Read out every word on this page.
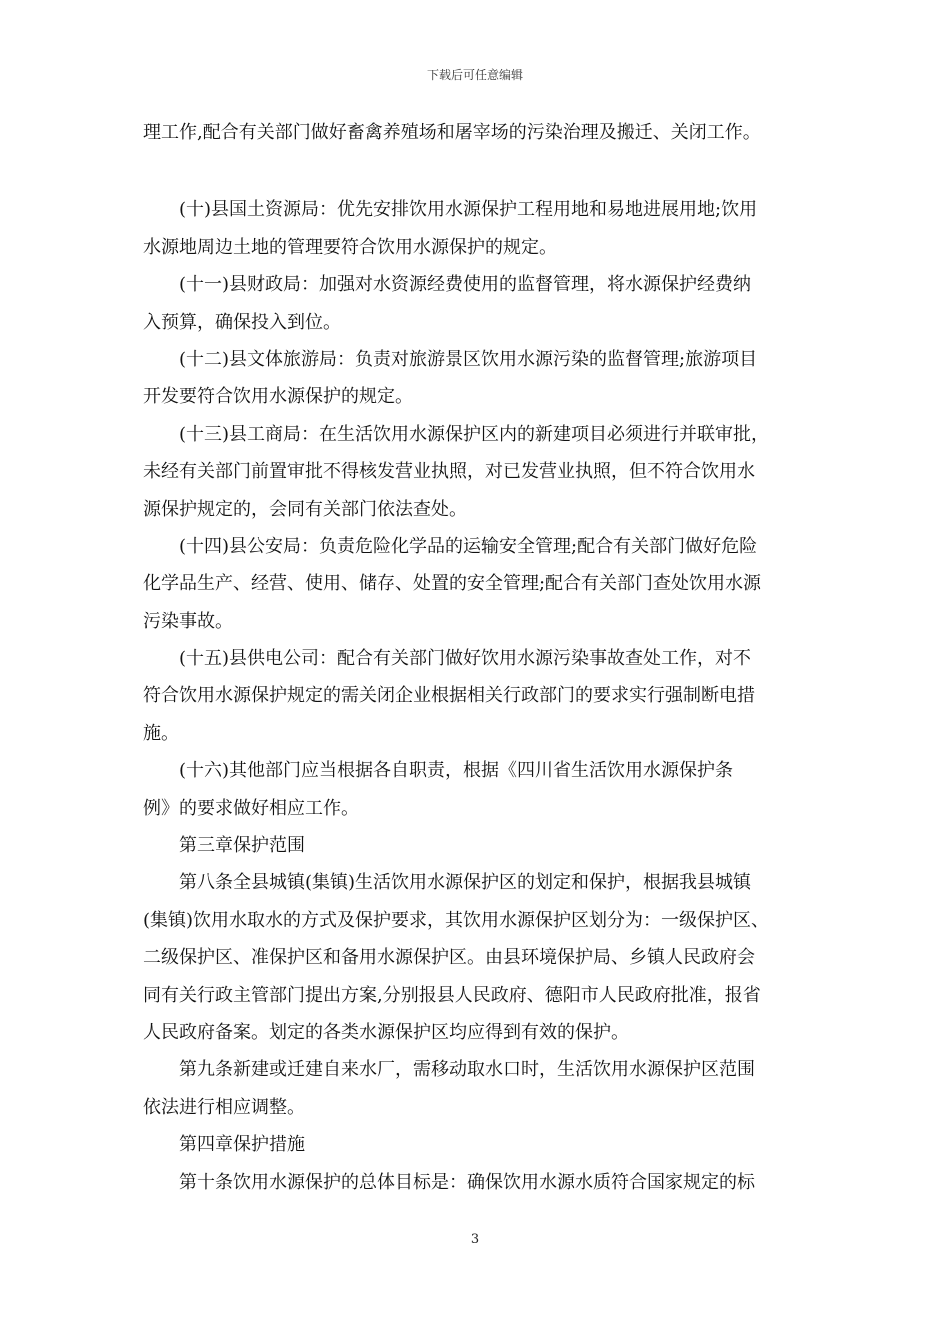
下载后可任意编辑
理工作,配合有关部门做好畜禽养殖场和屠宰场的污染治理及搬迁、关闭工作。
　　(十)县国土资源局：优先安排饮用水源保护工程用地和易地进展用地;饮用
水源地周边土地的管理要符合饮用水源保护的规定。
　　(十一)县财政局：加强对水资源经费使用的监督管理，将水源保护经费纳
入预算，确保投入到位。
　　(十二)县文体旅游局：负责对旅游景区饮用水源污染的监督管理;旅游项目
开发要符合饮用水源保护的规定。
　　(十三)县工商局：在生活饮用水源保护区内的新建项目必须进行并联审批，
未经有关部门前置审批不得核发营业执照，对已发营业执照，但不符合饮用水
源保护规定的，会同有关部门依法查处。
　　(十四)县公安局：负责危险化学品的运输安全管理;配合有关部门做好危险
化学品生产、经营、使用、储存、处置的安全管理;配合有关部门查处饮用水源
污染事故。
　　(十五)县供电公司：配合有关部门做好饮用水源污染事故查处工作，对不
符合饮用水源保护规定的需关闭企业根据相关行政部门的要求实行强制断电措
施。
　　(十六)其他部门应当根据各自职责，根据《四川省生活饮用水源保护条
例》的要求做好相应工作。
　　第三章保护范围
　　第八条全县城镇(集镇)生活饮用水源保护区的划定和保护，根据我县城镇
(集镇)饮用水取水的方式及保护要求，其饮用水源保护区划分为：一级保护区、
二级保护区、准保护区和备用水源保护区。由县环境保护局、乡镇人民政府会
同有关行政主管部门提出方案,分别报县人民政府、德阳市人民政府批准，报省
人民政府备案。划定的各类水源保护区均应得到有效的保护。
　　第九条新建或迁建自来水厂，需移动取水口时，生活饮用水源保护区范围
依法进行相应调整。
　　第四章保护措施
　　第十条饮用水源保护的总体目标是：确保饮用水源水质符合国家规定的标
3
